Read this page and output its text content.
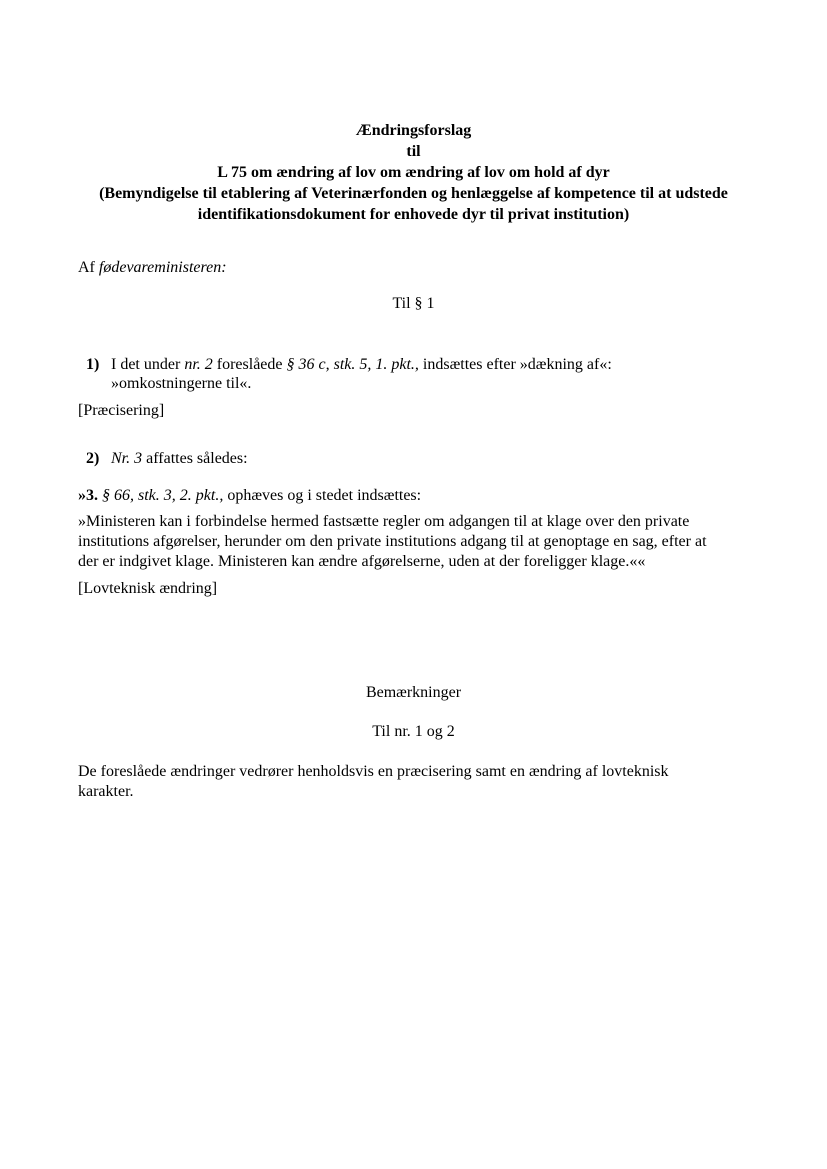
Ændringsforslag
til
L 75 om ændring af lov om ændring af lov om hold af dyr
(Bemyndigelse til etablering af Veterinærfonden og henlæggelse af kompetence til at udstede
identifikationsdokument for enhovede dyr til privat institution)
Af fødevareministeren:
Til § 1
1) I det under nr. 2 foreslåede § 36 c, stk. 5, 1. pkt., indsættes efter »dækning af«:
»omkostningerne til«.
[Præcisering]
2) Nr. 3 affattes således:
»3. § 66, stk. 3, 2. pkt., ophæves og i stedet indsættes:
»Ministeren kan i forbindelse hermed fastsætte regler om adgangen til at klage over den private
institutions afgørelser, herunder om den private institutions adgang til at genoptage en sag, efter at
der er indgivet klage. Ministeren kan ændre afgørelserne, uden at der foreligger klage.««
[Lovteknisk ændring]
Bemærkninger
Til nr. 1 og 2
De foreslåede ændringer vedrører henholdsvis en præcisering samt en ændring af lovteknisk
karakter.
